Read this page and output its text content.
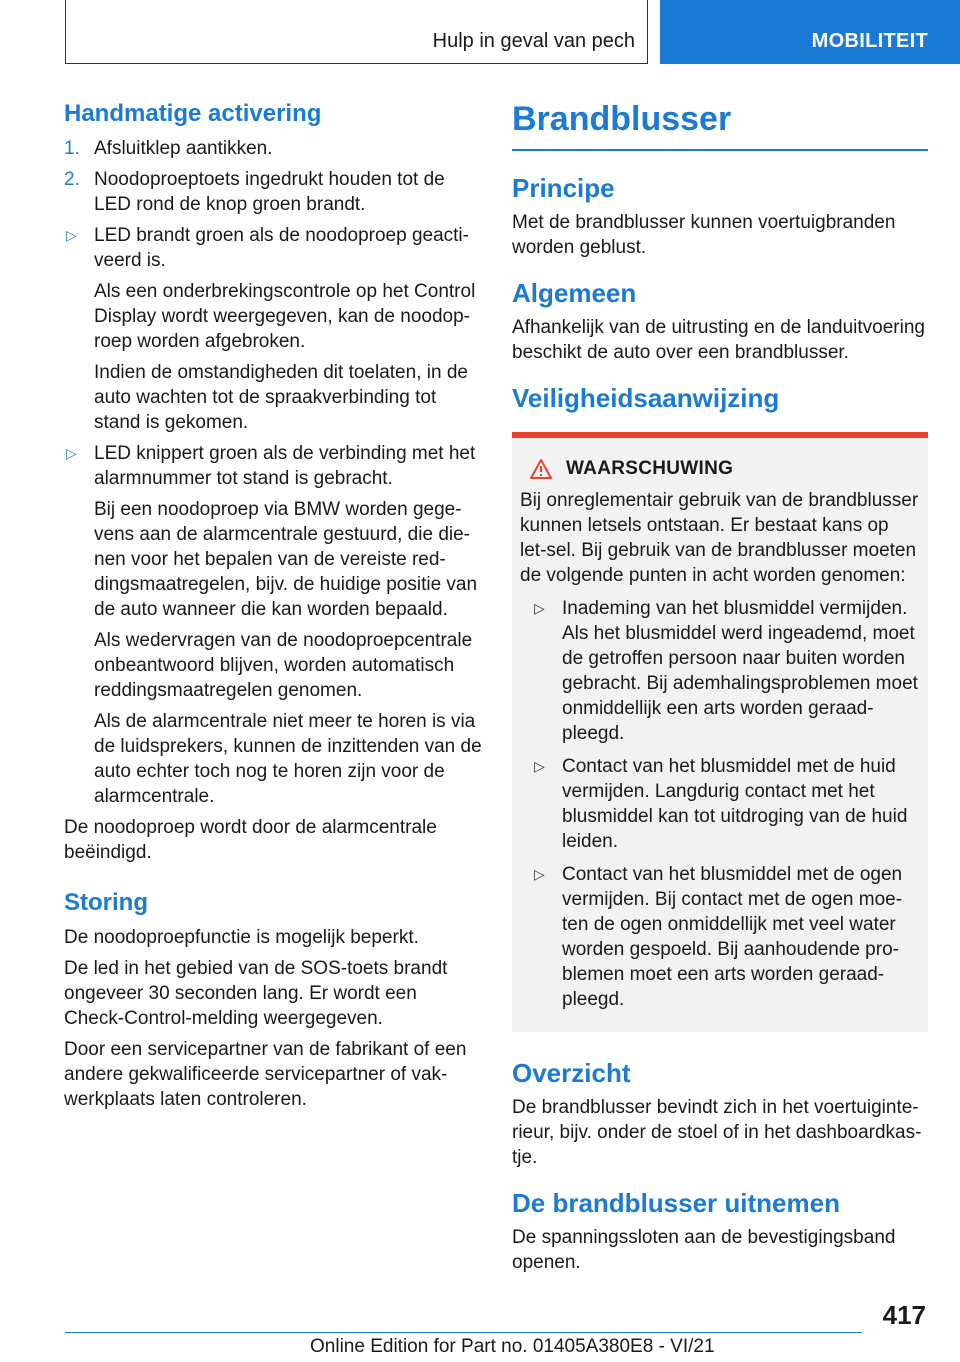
Hulp in geval van pech	MOBILITEIT
Handmatige activering
1. Afsluitklep aantikken.
2. Noodoproeptoets ingedrukt houden tot de LED rond de knop groen brandt.
▷ LED brandt groen als de noodoproep geacti-veerd is.
Als een onderbrekingscontrole op het Control Display wordt weergegeven, kan de noodop-roep worden afgebroken.
Indien de omstandigheden dit toelaten, in de auto wachten tot de spraakverbinding tot stand is gekomen.
▷ LED knippert groen als de verbinding met het alarmnummer tot stand is gebracht.
Bij een noodoproep via BMW worden gege-vens aan de alarmcentrale gestuurd, die die-nen voor het bepalen van de vereiste red-dingsmaatregelen, bijv. de huidige positie van de auto wanneer die kan worden bepaald.
Als wedervragen van de noodoproepcentrale onbeantwoord blijven, worden automatisch reddingsmaatregelen genomen.
Als de alarmcentrale niet meer te horen is via de luidsprekers, kunnen de inzittenden van de auto echter toch nog te horen zijn voor de alarmcentrale.

De noodoproep wordt door de alarmcentrale beëindigd.

Storing

De noodoproepfunctie is mogelijk beperkt.

De led in het gebied van de SOS-toets brandt ongeveer 30 seconden lang. Er wordt een Check-Control-melding weergegeven.

Door een servicepartner van de fabrikant of een andere gekwalificeerde servicepartner of vak-werkplaats laten controleren.

Brandblusser
Principe

Met de brandblusser kunnen voertuigbranden worden geblust.

Algemeen

Afhankelijk van de uitrusting en de landuitvoering beschikt de auto over een brandblusser.

Veiligheidsaanwijzing
WAARSCHUWING

Bij onreglementair gebruik van de brandblusser kunnen letsels ontstaan. Er bestaat kans op let-sel. Bij gebruik van de brandblusser moeten de volgende punten in acht worden genomen:

▷ Inademing van het blusmiddel vermijden. Als het blusmiddel werd ingeademd, moet de getroffen persoon naar buiten worden gebracht. Bij ademhalingsproblemen moet onmiddellijk een arts worden geraad-pleegd.
▷ Contact van het blusmiddel met de huid vermijden. Langdurig contact met het blusmiddel kan tot uitdroging van de huid leiden.
▷ Contact van het blusmiddel met de ogen vermijden. Bij contact met de ogen moe-ten de ogen onmiddellijk met veel water worden gespoeld. Bij aanhoudende pro-blemen moet een arts worden geraad-pleegd.
Overzicht

De brandblusser bevindt zich in het voertuiginte-rieur, bijv. onder de stoel of in het dashboardkas-tje.

De brandblusser uitnemen

De spanningssloten aan de bevestigingsband openen.

417
Online Edition for Part no. 01405A380E8 - VI/21
